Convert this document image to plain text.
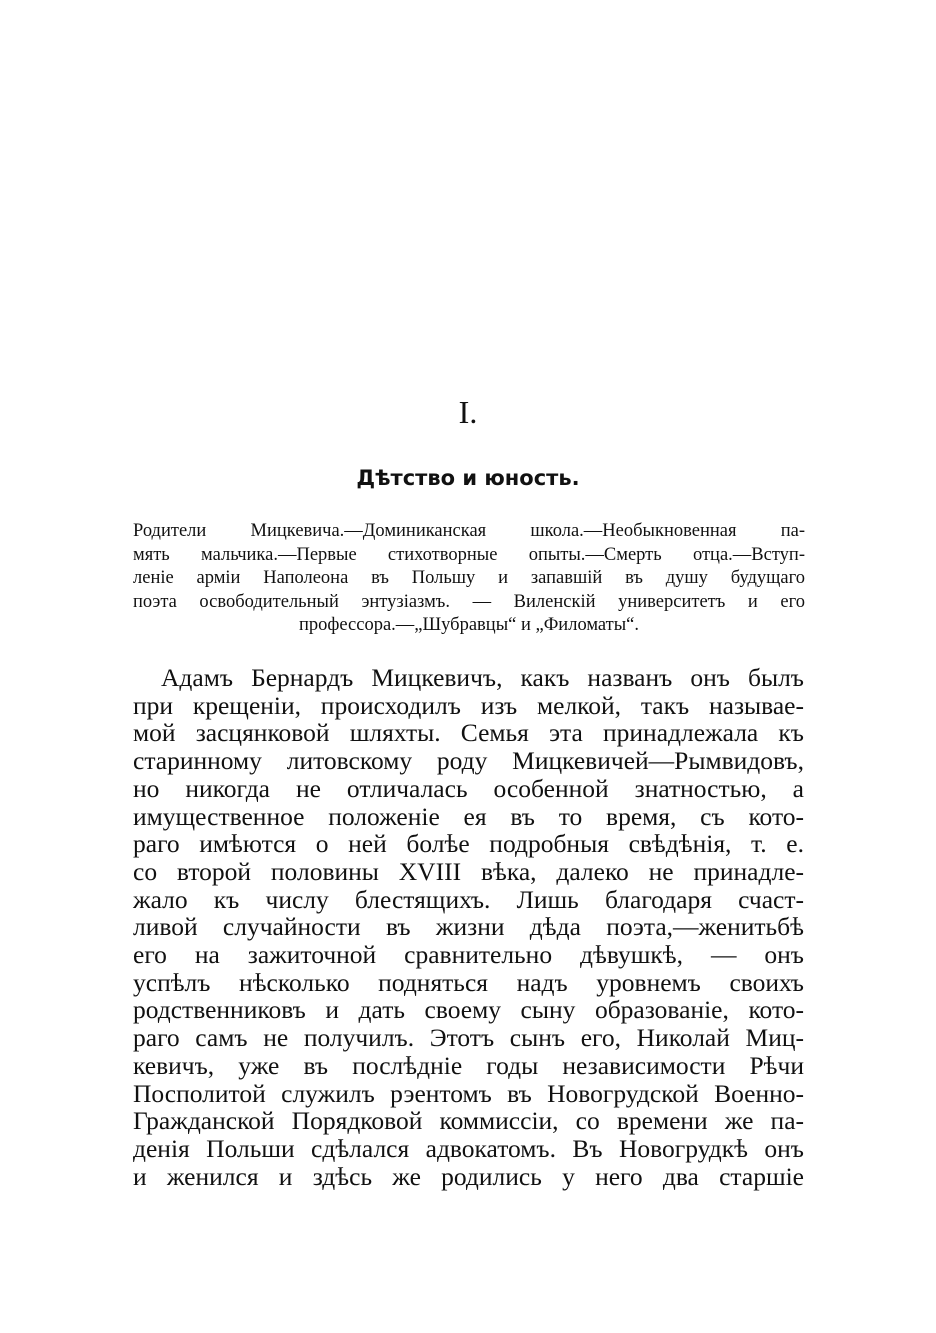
I.
Дѣтство и юность.
Родители Мицкевича.—Доминиканская школа.—Необыкновенная па-
мять мальчика.—Первые стихотворные опыты.—Смерть отца.—Вступ-
леніе арміи Наполеона въ Польшу и запавшій въ душу будущаго
поэта освободительный энтузіазмъ. — Виленскій университетъ и его
профессора.—„Шубравцы“ и „Филоматы“.
Адамъ Бернардъ Мицкевичъ, какъ названъ онъ былъ
при крещеніи, происходилъ изъ мелкой, такъ называе-
мой засцянковой шляхты. Семья эта принадлежала къ
старинному литовскому роду Мицкевичей—Рымвидовъ,
но никогда не отличалась особенной знатностью, а
имущественное положеніе ея въ то время, съ кото-
раго имѣются о ней болѣе подробныя свѣдѣнія, т. е.
со второй половины XVIII вѣка, далеко не принадле-
жало къ числу блестящихъ. Лишь благодаря счаст-
ливой случайности въ жизни дѣда поэта,—женитьбѣ
его на зажиточной сравнительно дѣвушкѣ, — онъ
успѣлъ нѣсколько подняться надъ уровнемъ своихъ
родственниковъ и дать своему сыну образованіе, кото-
раго самъ не получилъ. Этотъ сынъ его, Николай Миц-
кевичъ, уже въ послѣдніе годы независимости Рѣчи
Посполитой служилъ рэентомъ въ Новогрудской Военно-
Гражданской Порядковой коммиссіи, со времени же па-
денія Польши сдѣлался адвокатомъ. Въ Новогрудкѣ онъ
и женился и здѣсь же родились у него два старшіе
